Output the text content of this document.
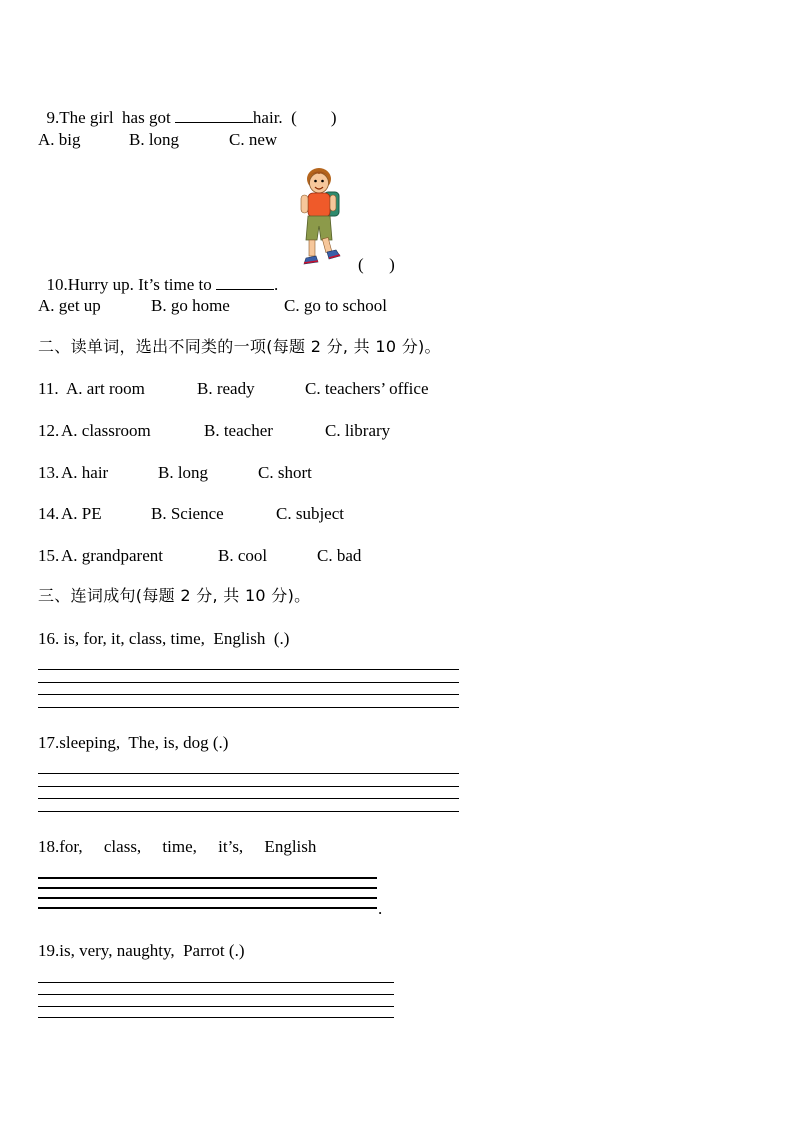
9.The girl  has got	hair.  (        )

A. big	B. long	C. new

10.Hurry up. It’s time to	.

(      )
A. get up	B. go home	C. go to school
二、读单词，选出不同类的一项(每题 2 分, 共 10 分)。
11. A. art room	B. ready	C. teachers’ office
12. A. classroom	B. teacher	C. library
13. A. hair	B. long	C. short
14. A. PE	B. Science	C. subject
15. A. grandparent	B. cool	C. bad
三、连词成句(每题 2 分, 共 10 分)。
16. is, for, it, class, time,  English  (.)
17.sleeping,  The, is, dog (.)
18.for,     class,     time,     it’s,     English
.
19.is, very, naughty,  Parrot (.)
